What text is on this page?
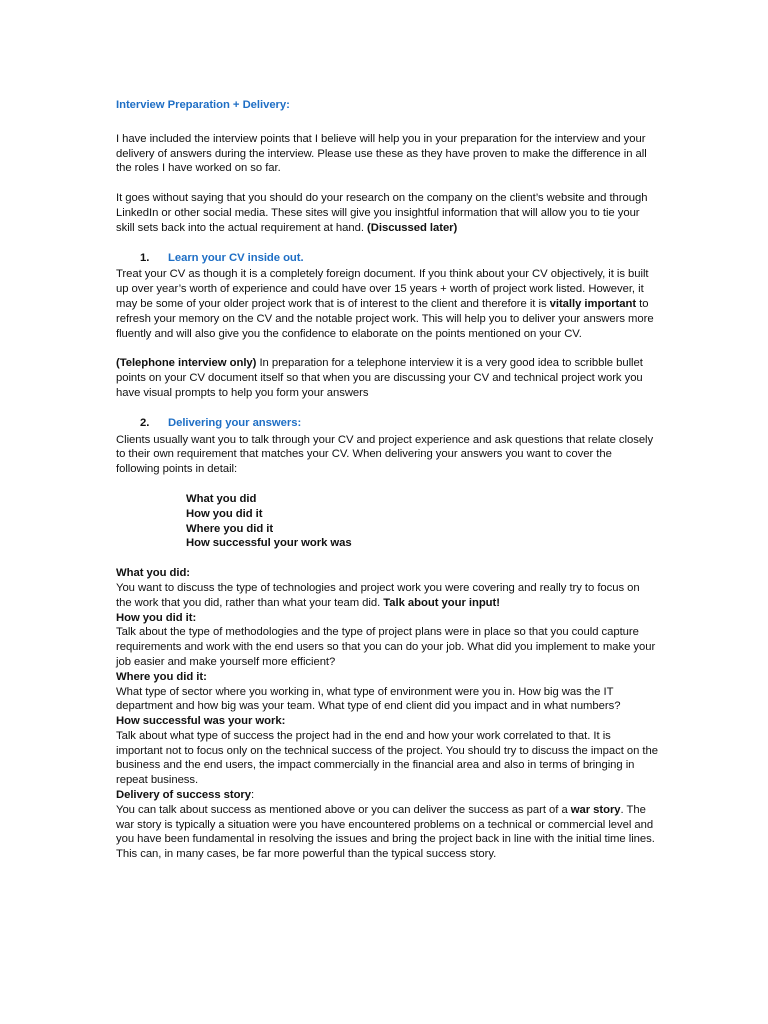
Interview Preparation + Delivery:

I have included the interview points that I believe will help you in your preparation for the interview and your delivery of answers during the interview. Please use these as they have proven to make the difference in all the roles I have worked on so far.

It goes without saying that you should do your research on the company on the client’s website and through LinkedIn or other social media. These sites will give you insightful information that will allow you to tie your skill sets back into the actual requirement at hand. (Discussed later)

1. Learn your CV inside out.

Treat your CV as though it is a completely foreign document. If you think about your CV objectively, it is built up over year’s worth of experience and could have over 15 years + worth of project work listed. However, it may be some of your older project work that is of interest to the client and therefore it is vitally important to refresh your memory on the CV and the notable project work. This will help you to deliver your answers more fluently and will also give you the confidence to elaborate on the points mentioned on your CV.

(Telephone interview only) In preparation for a telephone interview it is a very good idea to scribble bullet points on your CV document itself so that when you are discussing your CV and technical project work you have visual prompts to help you form your answers

2. Delivering your answers:

Clients usually want you to talk through your CV and project experience and ask questions that relate closely to their own requirement that matches your CV. When delivering your answers you want to cover the following points in detail:

What you did
How you did it
Where you did it
How successful your work was

What you did:

You want to discuss the type of technologies and project work you were covering and really try to focus on the work that you did, rather than what your team did. Talk about your input!

How you did it:

Talk about the type of methodologies and the type of project plans were in place so that you could capture requirements and work with the end users so that you can do your job. What did you implement to make your job easier and make yourself more efficient?

Where you did it:

What type of sector where you working in, what type of environment were you in. How big was the IT department and how big was your team. What type of end client did you impact and in what numbers?

How successful was your work:

Talk about what type of success the project had in the end and how your work correlated to that. It is important not to focus only on the technical success of the project. You should try to discuss the impact on the business and the end users, the impact commercially in the financial area and also in terms of bringing in repeat business.

Delivery of success story:

You can talk about success as mentioned above or you can deliver the success as part of a war story. The war story is typically a situation were you have encountered problems on a technical or commercial level and you have been fundamental in resolving the issues and bring the project back in line with the initial time lines. This can, in many cases, be far more powerful than the typical success story.
